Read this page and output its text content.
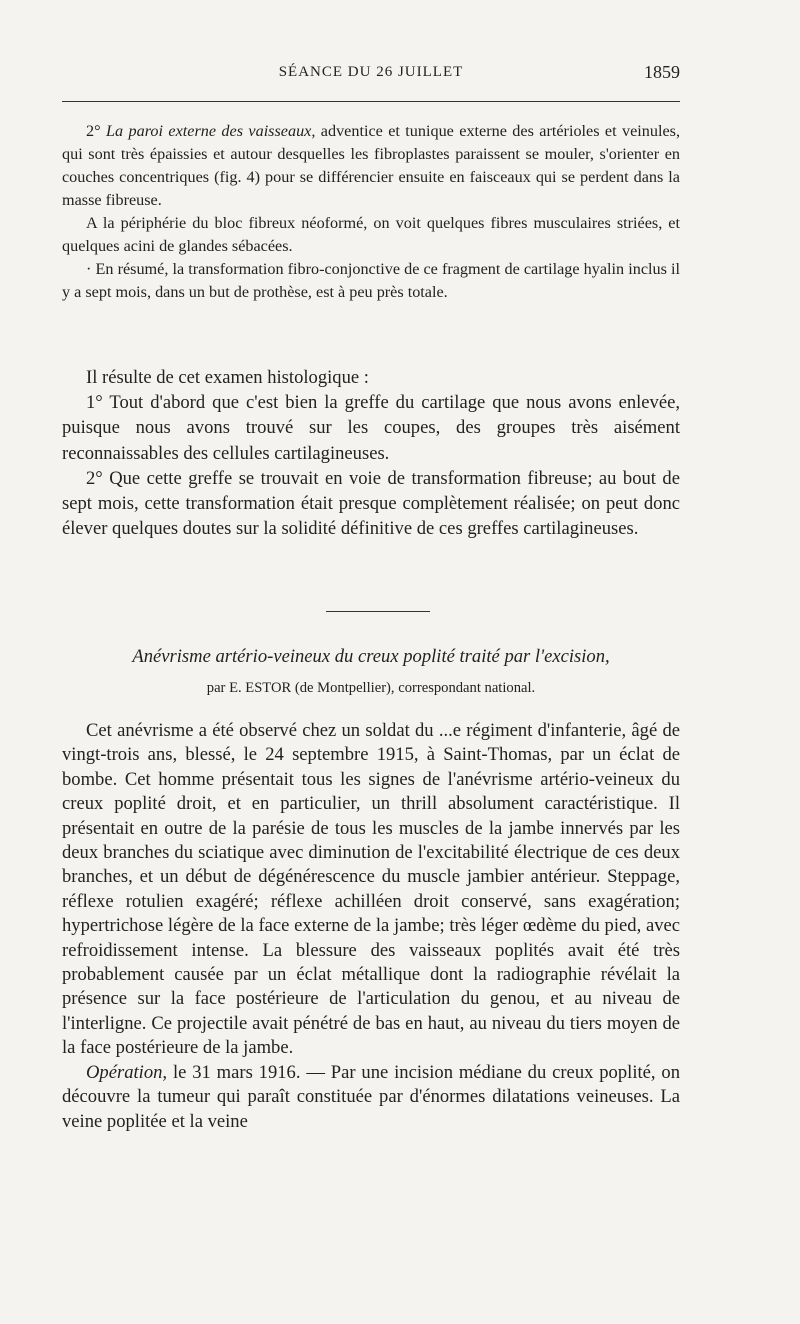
SÉANCE DU 26 JUILLET	1859

2° La paroi externe des vaisseaux, adventice et tunique externe des artérioles et veinules, qui sont très épaissies et autour desquelles les fibroplastes paraissent se mouler, s'orienter en couches concentriques (fig. 4) pour se différencier ensuite en faisceaux qui se perdent dans la masse fibreuse.

A la périphérie du bloc fibreux néoformé, on voit quelques fibres musculaires striées, et quelques acini de glandes sébacées.

· En résumé, la transformation fibro-conjonctive de ce fragment de cartilage hyalin inclus il y a sept mois, dans un but de prothèse, est à peu près totale.

Il résulte de cet examen histologique :

1° Tout d'abord que c'est bien la greffe du cartilage que nous avons enlevée, puisque nous avons trouvé sur les coupes, des groupes très aisément reconnaissables des cellules cartilagineuses.

2° Que cette greffe se trouvait en voie de transformation fibreuse; au bout de sept mois, cette transformation était presque complètement réalisée; on peut donc élever quelques doutes sur la solidité définitive de ces greffes cartilagineuses.

Anévrisme artério-veineux du creux poplité traité par l'excision,
par E. ESTOR (de Montpellier), correspondant national.

Cet anévrisme a été observé chez un soldat du ...e régiment d'infanterie, âgé de vingt-trois ans, blessé, le 24 septembre 1915, à Saint-Thomas, par un éclat de bombe. Cet homme présentait tous les signes de l'anévrisme artério-veineux du creux poplité droit, et en particulier, un thrill absolument caractéristique. Il présentait en outre de la parésie de tous les muscles de la jambe innervés par les deux branches du sciatique avec diminution de l'excitabilité électrique de ces deux branches, et un début de dégénérescence du muscle jambier antérieur. Steppage, réflexe rotulien exagéré; réflexe achilléen droit conservé, sans exagération; hypertrichose légère de la face externe de la jambe; très léger œdème du pied, avec refroidissement intense. La blessure des vaisseaux poplités avait été très probablement causée par un éclat métallique dont la radiographie révélait la présence sur la face postérieure de l'articulation du genou, et au niveau de l'interligne. Ce projectile avait pénétré de bas en haut, au niveau du tiers moyen de la face postérieure de la jambe.

Opération, le 31 mars 1916. — Par une incision médiane du creux poplité, on découvre la tumeur qui paraît constituée par d'énormes dilatations veineuses. La veine poplitée et la veine
